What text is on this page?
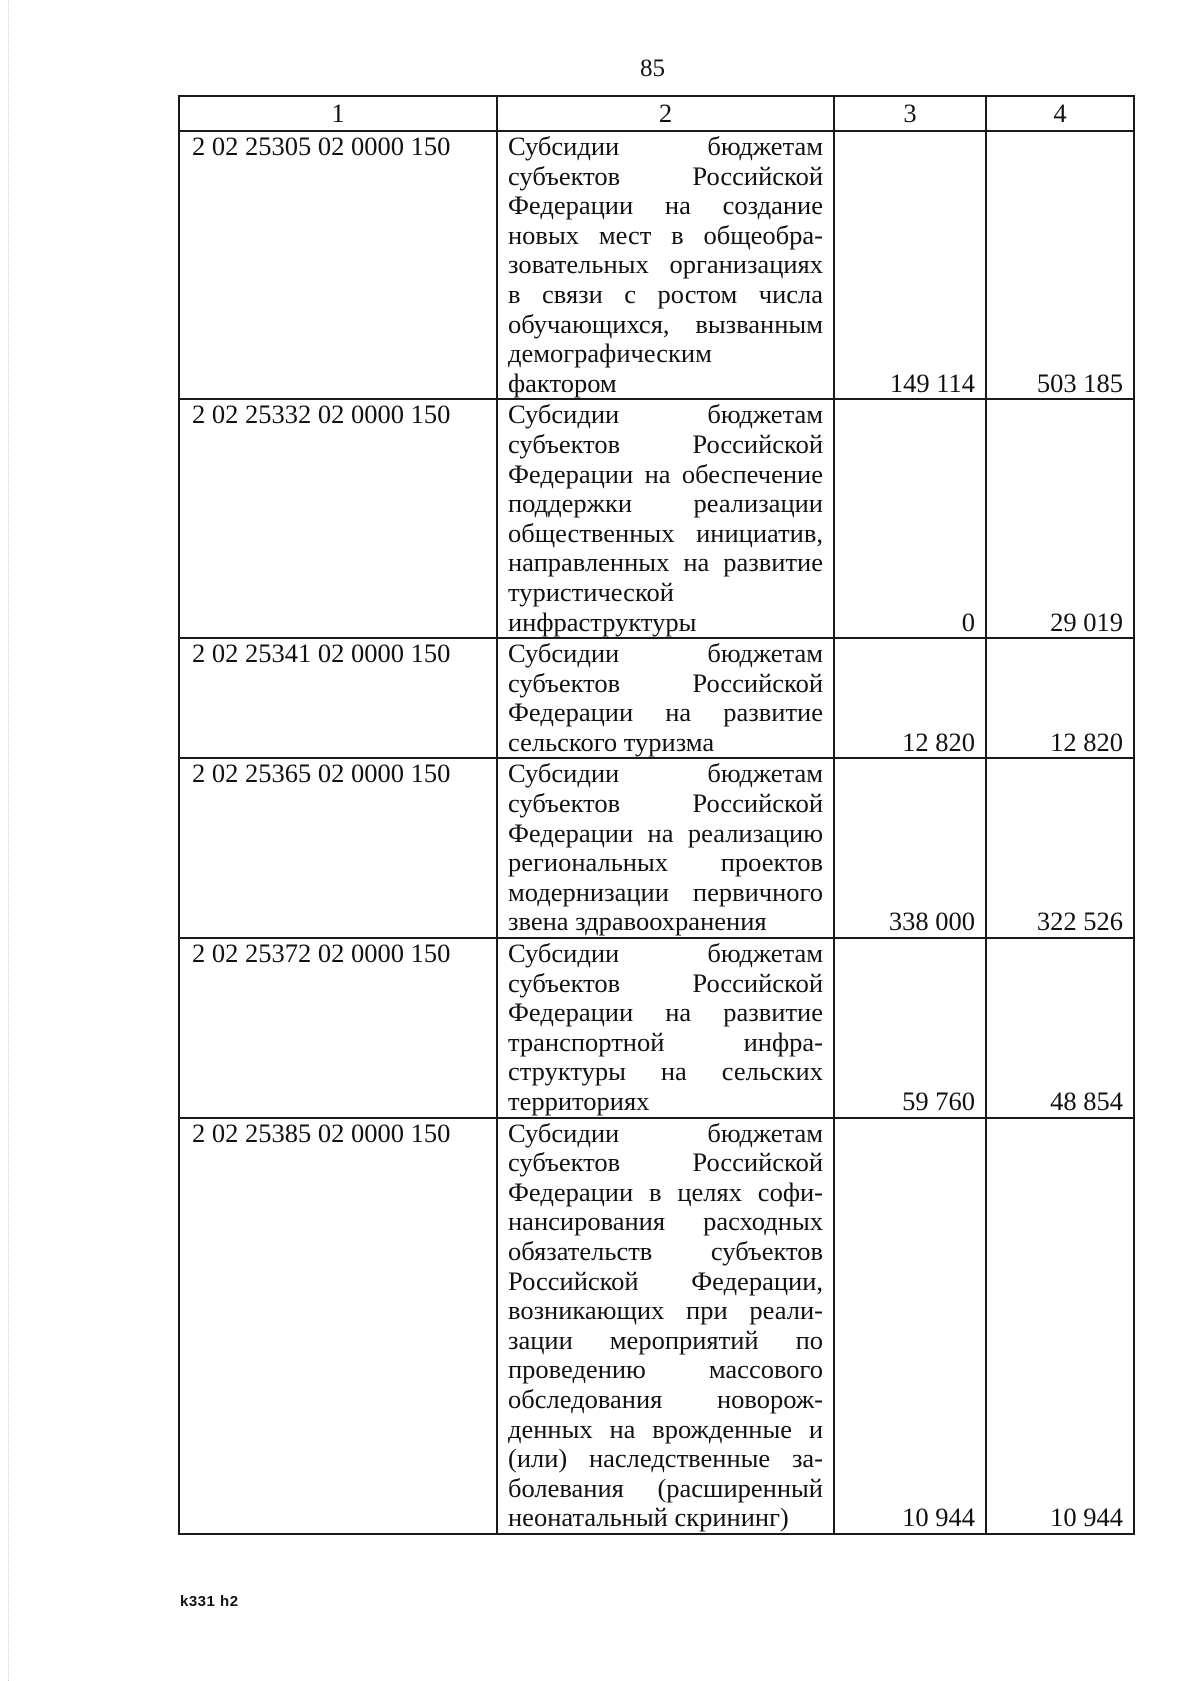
85
1	2	3	4
2 02 25305 02 0000 150	Субсидии бюджетам субъектов Российской Федерации на создание новых мест в общеобразовательных организациях в связи с ростом числа обучающихся, вызванным демографическим фактором	149 114	503 185
2 02 25332 02 0000 150	Субсидии бюджетам субъектов Российской Федерации на обеспечение поддержки реализации общественных инициатив, направленных на развитие туристической инфраструктуры	0	29 019
2 02 25341 02 0000 150	Субсидии бюджетам субъектов Российской Федерации на развитие сельского туризма	12 820	12 820
2 02 25365 02 0000 150	Субсидии бюджетам субъектов Российской Федерации на реализацию региональных проектов модернизации первичного звена здравоохранения	338 000	322 526
2 02 25372 02 0000 150	Субсидии бюджетам субъектов Российской Федерации на развитие транспортной инфраструктуры на сельских территориях	59 760	48 854
2 02 25385 02 0000 150	Субсидии бюджетам субъектов Российской Федерации в целях софинансирования расходных обязательств субъектов Российской Федерации, возникающих при реализации мероприятий по проведению массового обследования новорожденных на врожденные и (или) наследственные заболевания (расширенный неонатальный скрининг)	10 944	10 944
k331 h2
